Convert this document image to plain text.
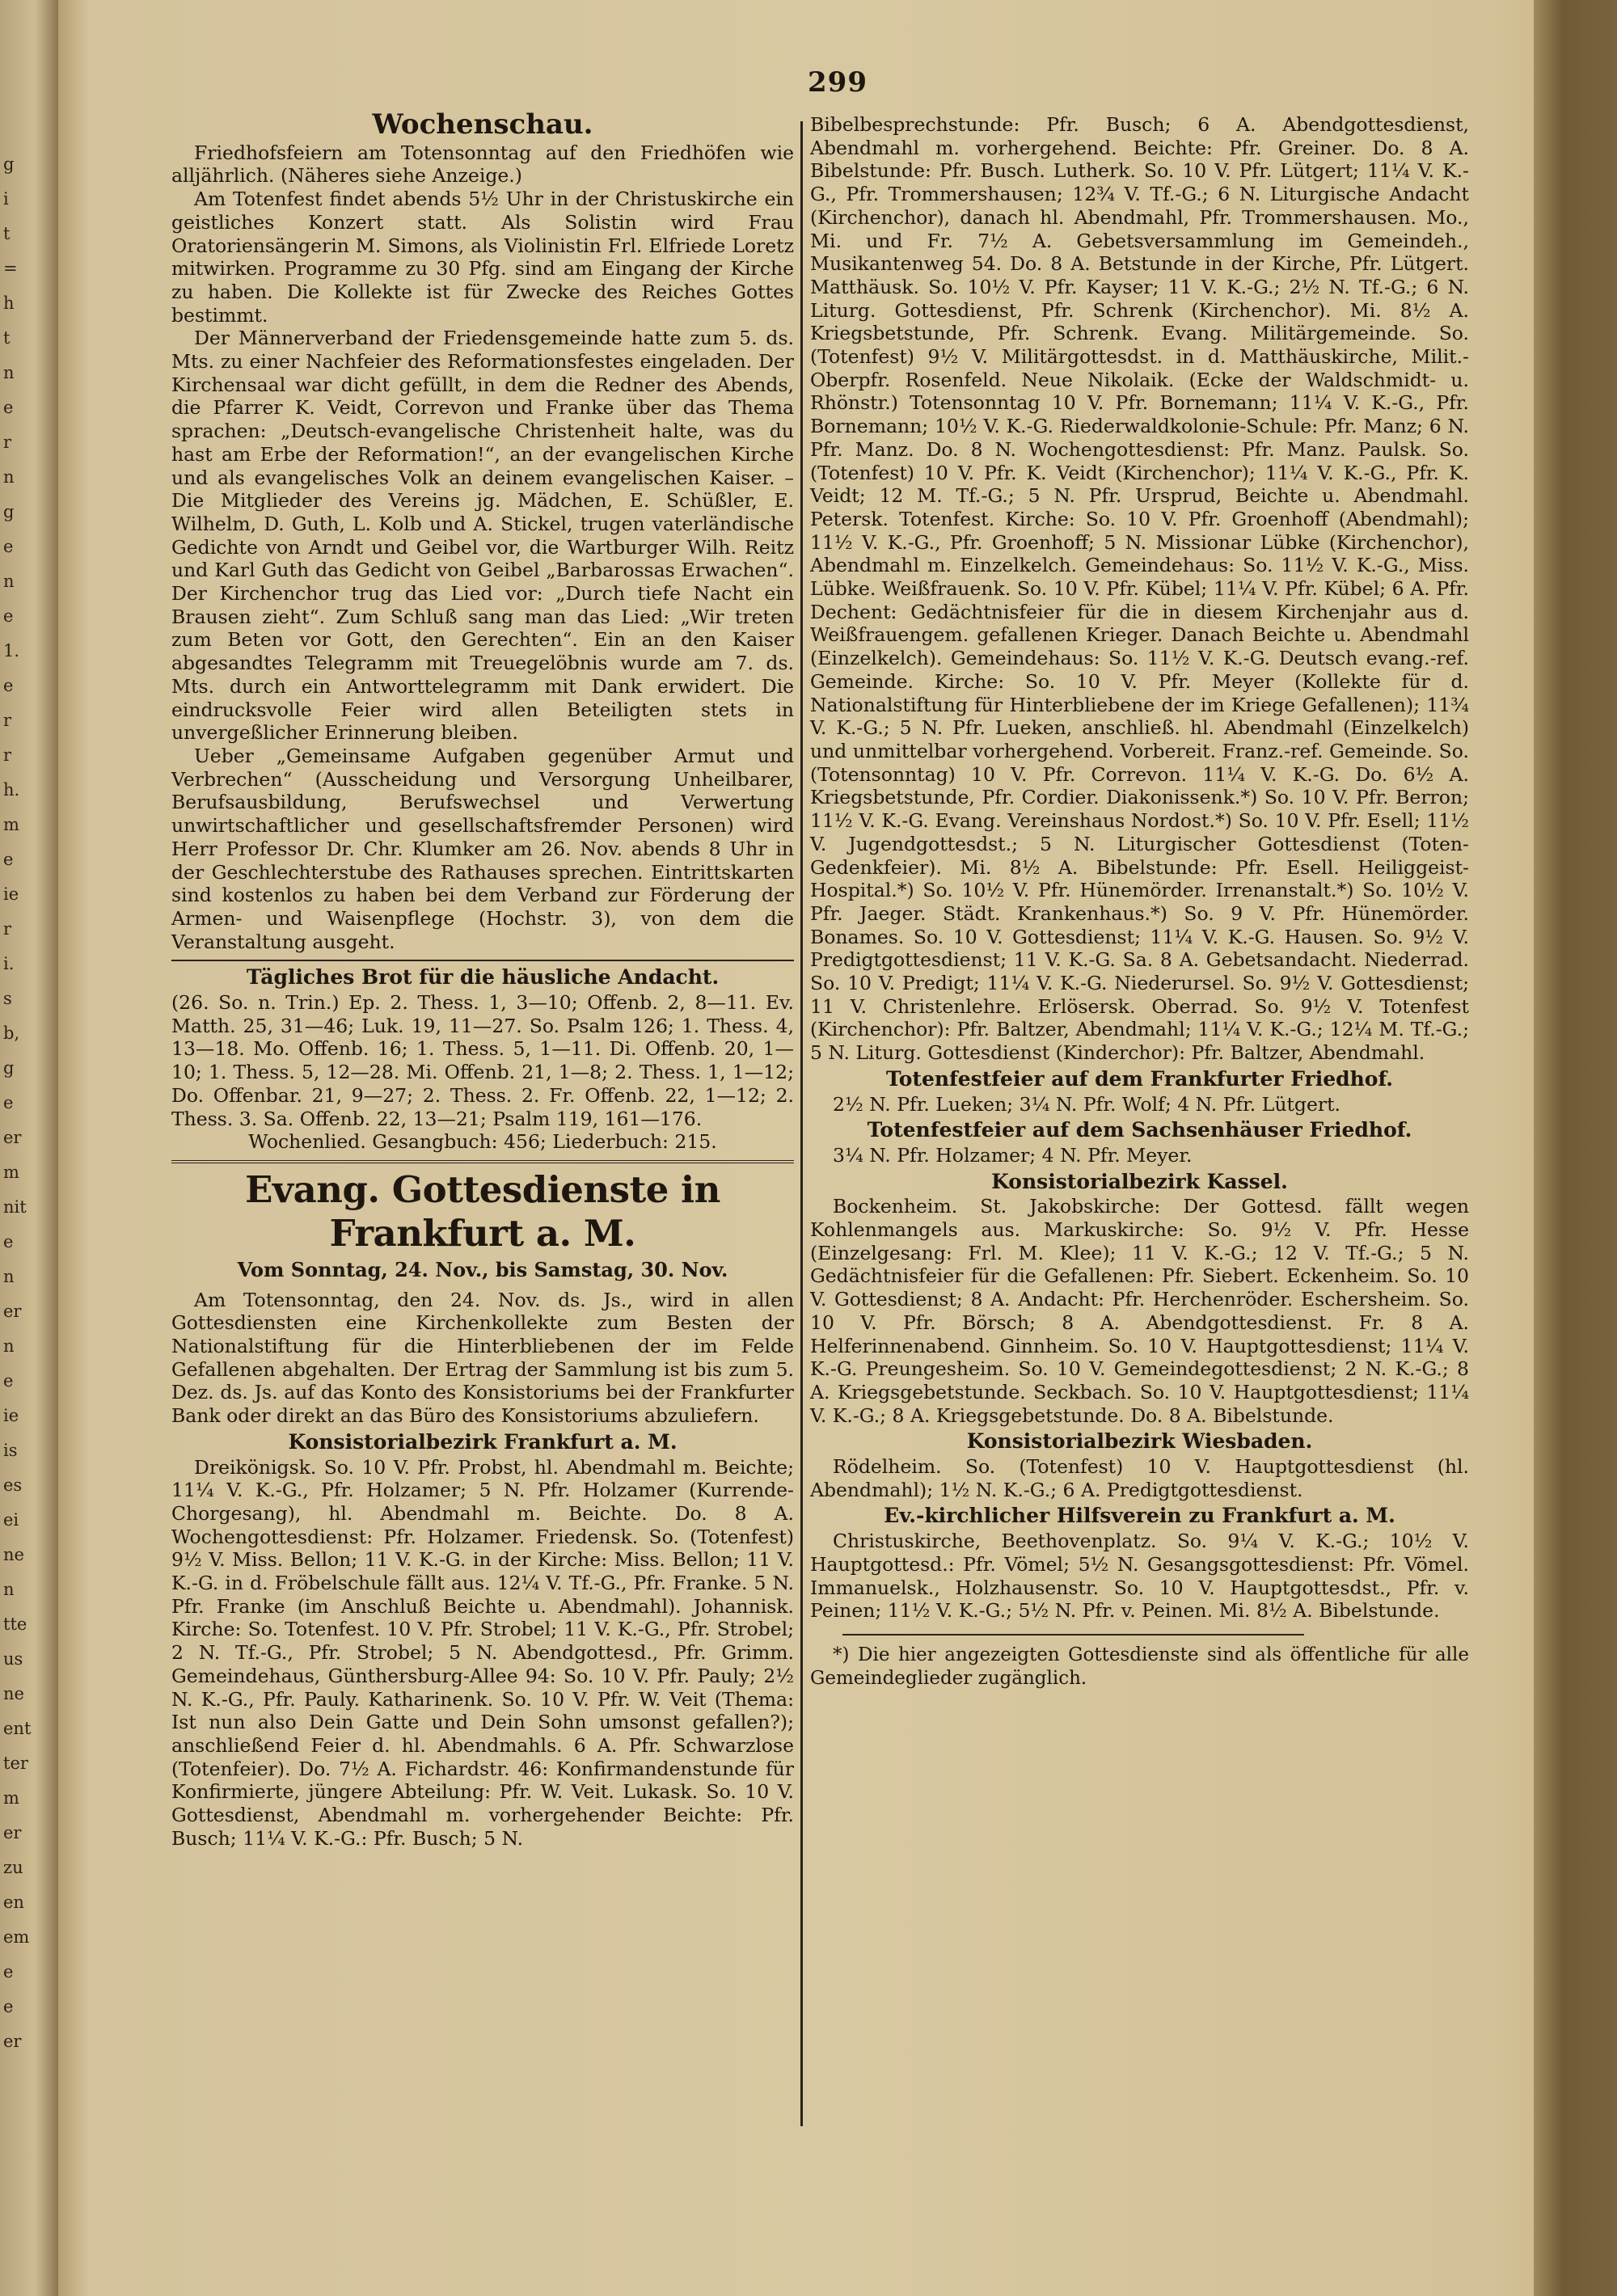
g
i
t
=
h
t
n
e
r
n
g
e
n
e
1.
e
r
r
h.
m
e
ie
r
i.
s
b,
g
e
er
m
nit
e
n
er
n
e
ie
is
es
ei
ne
n
tte
us
ne
ent
ter
m
er
zu
en
em
e
e
er
299
Wochenschau.

Friedhofsfeiern am Totensonntag auf den Friedhöfen wie alljährlich. (Näheres siehe Anzeige.)

Am Totenfest findet abends 5½ Uhr in der Christuskirche ein geistliches Konzert statt. Als Solistin wird Frau Oratoriensängerin M. Simons, als Violinistin Frl. Elfriede Loretz mitwirken. Programme zu 30 Pfg. sind am Eingang der Kirche zu haben. Die Kollekte ist für Zwecke des Reiches Gottes bestimmt.

Der Männerverband der Friedensgemeinde hatte zum 5. ds. Mts. zu einer Nachfeier des Reformationsfestes eingeladen. Der Kirchensaal war dicht gefüllt, in dem die Redner des Abends, die Pfarrer K. Veidt, Correvon und Franke über das Thema sprachen: „Deutsch-evangelische Christenheit halte, was du hast am Erbe der Reformation!“, an der evangelischen Kirche und als evangelisches Volk an deinem evangelischen Kaiser. – Die Mitglieder des Vereins jg. Mädchen, E. Schüßler, E. Wilhelm, D. Guth, L. Kolb und A. Stickel, trugen vaterländische Gedichte von Arndt und Geibel vor, die Wartburger Wilh. Reitz und Karl Guth das Gedicht von Geibel „Barbarossas Erwachen“. Der Kirchenchor trug das Lied vor: „Durch tiefe Nacht ein Brausen zieht“. Zum Schluß sang man das Lied: „Wir treten zum Beten vor Gott, den Gerechten“. Ein an den Kaiser abgesandtes Telegramm mit Treuegelöbnis wurde am 7. ds. Mts. durch ein Antworttelegramm mit Dank erwidert. Die eindrucksvolle Feier wird allen Beteiligten stets in unvergeßlicher Erinnerung bleiben.

Ueber „Gemeinsame Aufgaben gegenüber Armut und Verbrechen“ (Ausscheidung und Versorgung Unheilbarer, Berufsausbildung, Berufswechsel und Verwertung unwirtschaftlicher und gesellschaftsfremder Personen) wird Herr Professor Dr. Chr. Klumker am 26. Nov. abends 8 Uhr in der Geschlechterstube des Rathauses sprechen. Eintrittskarten sind kostenlos zu haben bei dem Verband zur Förderung der Armen- und Waisenpflege (Hochstr. 3), von dem die Veranstaltung ausgeht.

Tägliches Brot für die häusliche Andacht.

(26. So. n. Trin.) Ep. 2. Thess. 1, 3—10; Offenb. 2, 8—11. Ev. Matth. 25, 31—46; Luk. 19, 11—27. So. Psalm 126; 1. Thess. 4, 13—18. Mo. Offenb. 16; 1. Thess. 5, 1—11. Di. Offenb. 20, 1—10; 1. Thess. 5, 12—28. Mi. Offenb. 21, 1—8; 2. Thess. 1, 1—12; Do. Offenbar. 21, 9—27; 2. Thess. 2. Fr. Offenb. 22, 1—12; 2. Thess. 3. Sa. Offenb. 22, 13—21; Psalm 119, 161—176.

Wochenlied. Gesangbuch: 456; Liederbuch: 215.

Evang. Gottesdienste in Frankfurt a. M.
Vom Sonntag, 24. Nov., bis Samstag, 30. Nov.

Am Totensonntag, den 24. Nov. ds. Js., wird in allen Gottesdiensten eine Kirchenkollekte zum Besten der Nationalstiftung für die Hinterbliebenen der im Felde Gefallenen abgehalten. Der Ertrag der Sammlung ist bis zum 5. Dez. ds. Js. auf das Konto des Konsistoriums bei der Frankfurter Bank oder direkt an das Büro des Konsistoriums abzuliefern.

Konsistorialbezirk Frankfurt a. M.

Dreikönigsk. So. 10 V. Pfr. Probst, hl. Abendmahl m. Beichte; 11¼ V. K.-G., Pfr. Holzamer; 5 N. Pfr. Holzamer (Kurrende-Chorgesang), hl. Abendmahl m. Beichte. Do. 8 A. Wochengottesdienst: Pfr. Holzamer. Friedensk. So. (Totenfest) 9½ V. Miss. Bellon; 11 V. K.-G. in der Kirche: Miss. Bellon; 11 V. K.-G. in d. Fröbelschule fällt aus. 12¼ V. Tf.-G., Pfr. Franke. 5 N. Pfr. Franke (im Anschluß Beichte u. Abendmahl). Johannisk. Kirche: So. Totenfest. 10 V. Pfr. Strobel; 11 V. K.-G., Pfr. Strobel; 2 N. Tf.-G., Pfr. Strobel; 5 N. Abendgottesd., Pfr. Grimm. Gemeindehaus, Günthersburg-Allee 94: So. 10 V. Pfr. Pauly; 2½ N. K.-G., Pfr. Pauly. Katharinenk. So. 10 V. Pfr. W. Veit (Thema: Ist nun also Dein Gatte und Dein Sohn umsonst gefallen?); anschließend Feier d. hl. Abendmahls. 6 A. Pfr. Schwarzlose (Totenfeier). Do. 7½ A. Fichardstr. 46: Konfirmandenstunde für Konfirmierte, jüngere Abteilung: Pfr. W. Veit. Lukask. So. 10 V. Gottesdienst, Abendmahl m. vorhergehender Beichte: Pfr. Busch; 11¼ V. K.-G.: Pfr. Busch; 5 N.

Bibelbesprechstunde: Pfr. Busch; 6 A. Abendgottesdienst, Abendmahl m. vorhergehend. Beichte: Pfr. Greiner. Do. 8 A. Bibelstunde: Pfr. Busch. Lutherk. So. 10 V. Pfr. Lütgert; 11¼ V. K.-G., Pfr. Trommershausen; 12¾ V. Tf.-G.; 6 N. Liturgische Andacht (Kirchenchor), danach hl. Abendmahl, Pfr. Trommershausen. Mo., Mi. und Fr. 7½ A. Gebetsversammlung im Gemeindeh., Musikantenweg 54. Do. 8 A. Betstunde in der Kirche, Pfr. Lütgert. Matthäusk. So. 10½ V. Pfr. Kayser; 11 V. K.-G.; 2½ N. Tf.-G.; 6 N. Liturg. Gottesdienst, Pfr. Schrenk (Kirchenchor). Mi. 8½ A. Kriegsbetstunde, Pfr. Schrenk. Evang. Militärgemeinde. So. (Totenfest) 9½ V. Militärgottesdst. in d. Matthäuskirche, Milit.-Oberpfr. Rosenfeld. Neue Nikolaik. (Ecke der Waldschmidt- u. Rhönstr.) Totensonntag 10 V. Pfr. Bornemann; 11¼ V. K.-G., Pfr. Bornemann; 10½ V. K.-G. Riederwaldkolonie-Schule: Pfr. Manz; 6 N. Pfr. Manz. Do. 8 N. Wochengottesdienst: Pfr. Manz. Paulsk. So. (Totenfest) 10 V. Pfr. K. Veidt (Kirchenchor); 11¼ V. K.-G., Pfr. K. Veidt; 12 M. Tf.-G.; 5 N. Pfr. Ursprud, Beichte u. Abendmahl. Petersk. Totenfest. Kirche: So. 10 V. Pfr. Groenhoff (Abendmahl); 11½ V. K.-G., Pfr. Groenhoff; 5 N. Missionar Lübke (Kirchenchor), Abendmahl m. Einzelkelch. Gemeindehaus: So. 11½ V. K.-G., Miss. Lübke. Weißfrauenk. So. 10 V. Pfr. Kübel; 11¼ V. Pfr. Kübel; 6 A. Pfr. Dechent: Gedächtnisfeier für die in diesem Kirchenjahr aus d. Weißfrauengem. gefallenen Krieger. Danach Beichte u. Abendmahl (Einzelkelch). Gemeindehaus: So. 11½ V. K.-G. Deutsch evang.-ref. Gemeinde. Kirche: So. 10 V. Pfr. Meyer (Kollekte für d. Nationalstiftung für Hinterbliebene der im Kriege Gefallenen); 11¾ V. K.-G.; 5 N. Pfr. Lueken, anschließ. hl. Abendmahl (Einzelkelch) und unmittelbar vorhergehend. Vorbereit. Franz.-ref. Gemeinde. So. (Totensonntag) 10 V. Pfr. Correvon. 11¼ V. K.-G. Do. 6½ A. Kriegsbetstunde, Pfr. Cordier. Diakonissenk.*) So. 10 V. Pfr. Berron; 11½ V. K.-G. Evang. Vereinshaus Nordost.*) So. 10 V. Pfr. Esell; 11½ V. Jugendgottesdst.; 5 N. Liturgischer Gottesdienst (Toten-Gedenkfeier). Mi. 8½ A. Bibelstunde: Pfr. Esell. Heiliggeist-Hospital.*) So. 10½ V. Pfr. Hünemörder. Irrenanstalt.*) So. 10½ V. Pfr. Jaeger. Städt. Krankenhaus.*) So. 9 V. Pfr. Hünemörder. Bonames. So. 10 V. Gottesdienst; 11¼ V. K.-G. Hausen. So. 9½ V. Predigtgottesdienst; 11 V. K.-G. Sa. 8 A. Gebetsandacht. Niederrad. So. 10 V. Predigt; 11¼ V. K.-G. Niederursel. So. 9½ V. Gottesdienst; 11 V. Christenlehre. Erlösersk. Oberrad. So. 9½ V. Totenfest (Kirchenchor): Pfr. Baltzer, Abendmahl; 11¼ V. K.-G.; 12¼ M. Tf.-G.; 5 N. Liturg. Gottesdienst (Kinderchor): Pfr. Baltzer, Abendmahl.

Totenfestfeier auf dem Frankfurter Friedhof.

2½ N. Pfr. Lueken; 3¼ N. Pfr. Wolf; 4 N. Pfr. Lütgert.

Totenfestfeier auf dem Sachsenhäuser Friedhof.

3¼ N. Pfr. Holzamer; 4 N. Pfr. Meyer.

Konsistorialbezirk Kassel.

Bockenheim. St. Jakobskirche: Der Gottesd. fällt wegen Kohlenmangels aus. Markuskirche: So. 9½ V. Pfr. Hesse (Einzelgesang: Frl. M. Klee); 11 V. K.-G.; 12 V. Tf.-G.; 5 N. Gedächtnisfeier für die Gefallenen: Pfr. Siebert. Eckenheim. So. 10 V. Gottesdienst; 8 A. Andacht: Pfr. Herchenröder. Eschersheim. So. 10 V. Pfr. Börsch; 8 A. Abendgottesdienst. Fr. 8 A. Helferinnenabend. Ginnheim. So. 10 V. Hauptgottesdienst; 11¼ V. K.-G. Preungesheim. So. 10 V. Gemeindegottesdienst; 2 N. K.-G.; 8 A. Kriegsgebetstunde. Seckbach. So. 10 V. Hauptgottesdienst; 11¼ V. K.-G.; 8 A. Kriegsgebetstunde. Do. 8 A. Bibelstunde.

Konsistorialbezirk Wiesbaden.

Rödelheim. So. (Totenfest) 10 V. Hauptgottesdienst (hl. Abendmahl); 1½ N. K.-G.; 6 A. Predigtgottesdienst.

Ev.-kirchlicher Hilfsverein zu Frankfurt a. M.

Christuskirche, Beethovenplatz. So. 9¼ V. K.-G.; 10½ V. Hauptgottesd.: Pfr. Vömel; 5½ N. Gesangsgottesdienst: Pfr. Vömel. Immanuelsk., Holzhausenstr. So. 10 V. Hauptgottesdst., Pfr. v. Peinen; 11½ V. K.-G.; 5½ N. Pfr. v. Peinen. Mi. 8½ A. Bibelstunde.

*) Die hier angezeigten Gottesdienste sind als öffentliche für alle Gemeindeglieder zugänglich.
